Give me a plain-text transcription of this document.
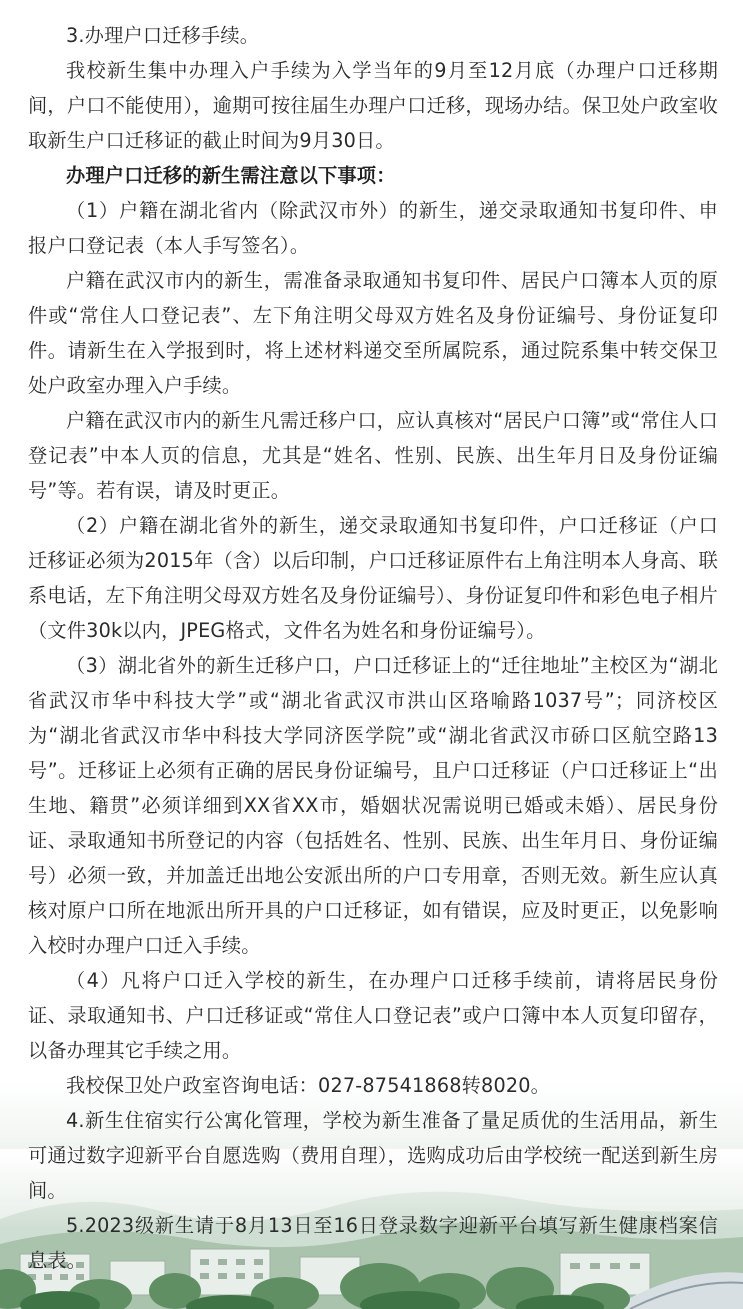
3.办理户口迁移手续。

我校新生集中办理入户手续为入学当年的9月至12月底（办理户口迁移期间，户口不能使用），逾期可按往届生办理户口迁移，现场办结。保卫处户政室收取新生户口迁移证的截止时间为9月30日。

办理户口迁移的新生需注意以下事项：

（1）户籍在湖北省内（除武汉市外）的新生，递交录取通知书复印件、申报户口登记表（本人手写签名）。

户籍在武汉市内的新生，需准备录取通知书复印件、居民户口簿本人页的原件或“常住人口登记表”、左下角注明父母双方姓名及身份证编号、身份证复印件。请新生在入学报到时，将上述材料递交至所属院系，通过院系集中转交保卫处户政室办理入户手续。

户籍在武汉市内的新生凡需迁移户口，应认真核对“居民户口簿”或“常住人口登记表”中本人页的信息，尤其是“姓名、性别、民族、出生年月日及身份证编号”等。若有误，请及时更正。

（2）户籍在湖北省外的新生，递交录取通知书复印件，户口迁移证（户口迁移证必须为2015年（含）以后印制，户口迁移证原件右上角注明本人身高、联系电话，左下角注明父母双方姓名及身份证编号）、身份证复印件和彩色电子相片（文件30k以内，JPEG格式，文件名为姓名和身份证编号）。

（3）湖北省外的新生迁移户口，户口迁移证上的“迁往地址”主校区为“湖北省武汉市华中科技大学”或“湖北省武汉市洪山区珞喻路1037号”；同济校区为“湖北省武汉市华中科技大学同济医学院”或“湖北省武汉市硚口区航空路13号”。迁移证上必须有正确的居民身份证编号，且户口迁移证（户口迁移证上“出生地、籍贯”必须详细到XX省XX市，婚姻状况需说明已婚或未婚）、居民身份证、录取通知书所登记的内容（包括姓名、性别、民族、出生年月日、身份证编号）必须一致，并加盖迁出地公安派出所的户口专用章，否则无效。新生应认真核对原户口所在地派出所开具的户口迁移证，如有错误，应及时更正，以免影响入校时办理户口迁入手续。

（4）凡将户口迁入学校的新生，在办理户口迁移手续前，请将居民身份证、录取通知书、户口迁移证或“常住人口登记表”或户口簿中本人页复印留存，以备办理其它手续之用。

我校保卫处户政室咨询电话：027-87541868转8020。

4.新生住宿实行公寓化管理，学校为新生准备了量足质优的生活用品，新生可通过数字迎新平台自愿选购（费用自理），选购成功后由学校统一配送到新生房间。

5.2023级新生请于8月13日至16日登录数字迎新平台填写新生健康档案信息表。
